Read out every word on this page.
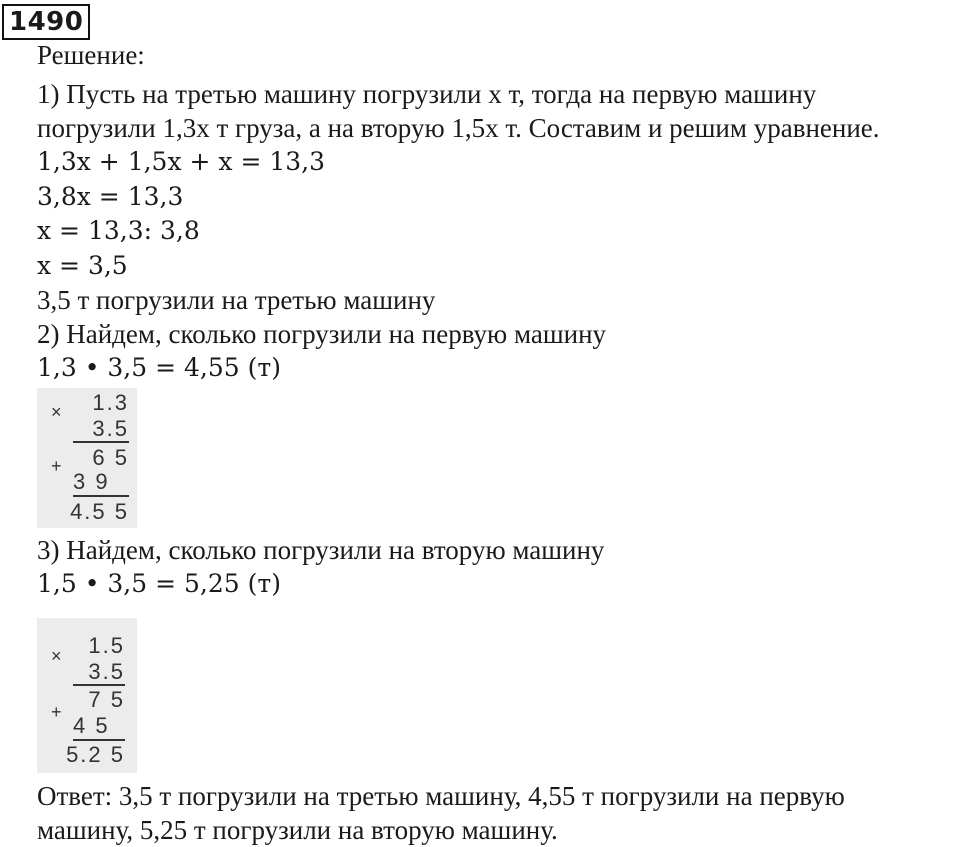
1490
Решение:
1) Пусть на третью машину погрузили х т, тогда на первую машину
погрузили 1,3х т груза, а на вторую 1,5х т. Составим и решим уравнение.
1,3x + 1,5x + x = 13,3
3,8x = 13,3
x = 13,3: 3,8
x = 3,5
3,5 т погрузили на третью машину
2) Найдем, сколько погрузили на первую машину
1,3 • 3,5 = 4,55 (т)
× 1.3
3.5
+ 6 5
3 9
4.5 5
3) Найдем, сколько погрузили на вторую машину
1,5 • 3,5 = 5,25 (т)
× 1.5
3.5
+ 7 5
4 5
5.2 5
Ответ: 3,5 т погрузили на третью машину, 4,55 т погрузили на первую
машину, 5,25 т погрузили на вторую машину.
